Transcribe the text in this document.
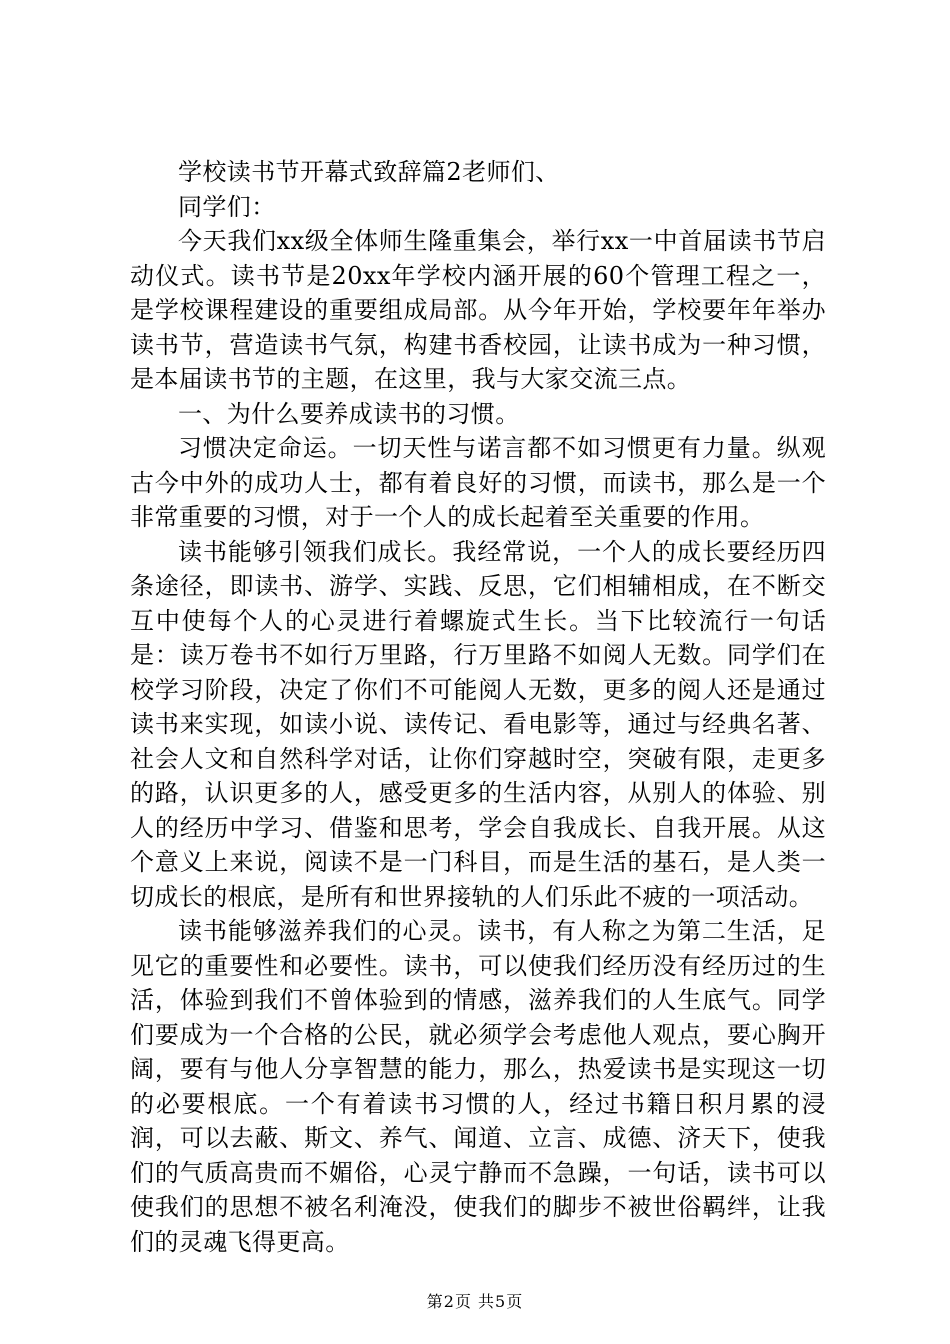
学校读书节开幕式致辞篇2老师们、

同学们：

今天我们xx级全体师生隆重集会，举行xx一中首届读书节启动仪式。读书节是20xx年学校内涵开展的60个管理工程之一，是学校课程建设的重要组成局部。从今年开始，学校要年年举办读书节，营造读书气氛，构建书香校园，让读书成为一种习惯，是本届读书节的主题，在这里，我与大家交流三点。

一、为什么要养成读书的习惯。

习惯决定命运。一切天性与诺言都不如习惯更有力量。纵观古今中外的成功人士，都有着良好的习惯，而读书，那么是一个非常重要的习惯，对于一个人的成长起着至关重要的作用。

读书能够引领我们成长。我经常说，一个人的成长要经历四条途径，即读书、游学、实践、反思，它们相辅相成，在不断交互中使每个人的心灵进行着螺旋式生长。当下比较流行一句话是：读万卷书不如行万里路，行万里路不如阅人无数。同学们在校学习阶段，决定了你们不可能阅人无数，更多的阅人还是通过读书来实现，如读小说、读传记、看电影等，通过与经典名著、社会人文和自然科学对话，让你们穿越时空，突破有限，走更多的路，认识更多的人，感受更多的生活内容，从别人的体验、别人的经历中学习、借鉴和思考，学会自我成长、自我开展。从这个意义上来说，阅读不是一门科目，而是生活的基石，是人类一切成长的根底，是所有和世界接轨的人们乐此不疲的一项活动。

读书能够滋养我们的心灵。读书，有人称之为第二生活，足见它的重要性和必要性。读书，可以使我们经历没有经历过的生活，体验到我们不曾体验到的情感，滋养我们的人生底气。同学们要成为一个合格的公民，就必须学会考虑他人观点，要心胸开阔，要有与他人分享智慧的能力，那么，热爱读书是实现这一切的必要根底。一个有着读书习惯的人，经过书籍日积月累的浸润，可以去蔽、斯文、养气、闻道、立言、成德、济天下，使我们的气质高贵而不媚俗，心灵宁静而不急躁，一句话，读书可以使我们的思想不被名利淹没，使我们的脚步不被世俗羁绊，让我们的灵魂飞得更高。

第2页 共5页
